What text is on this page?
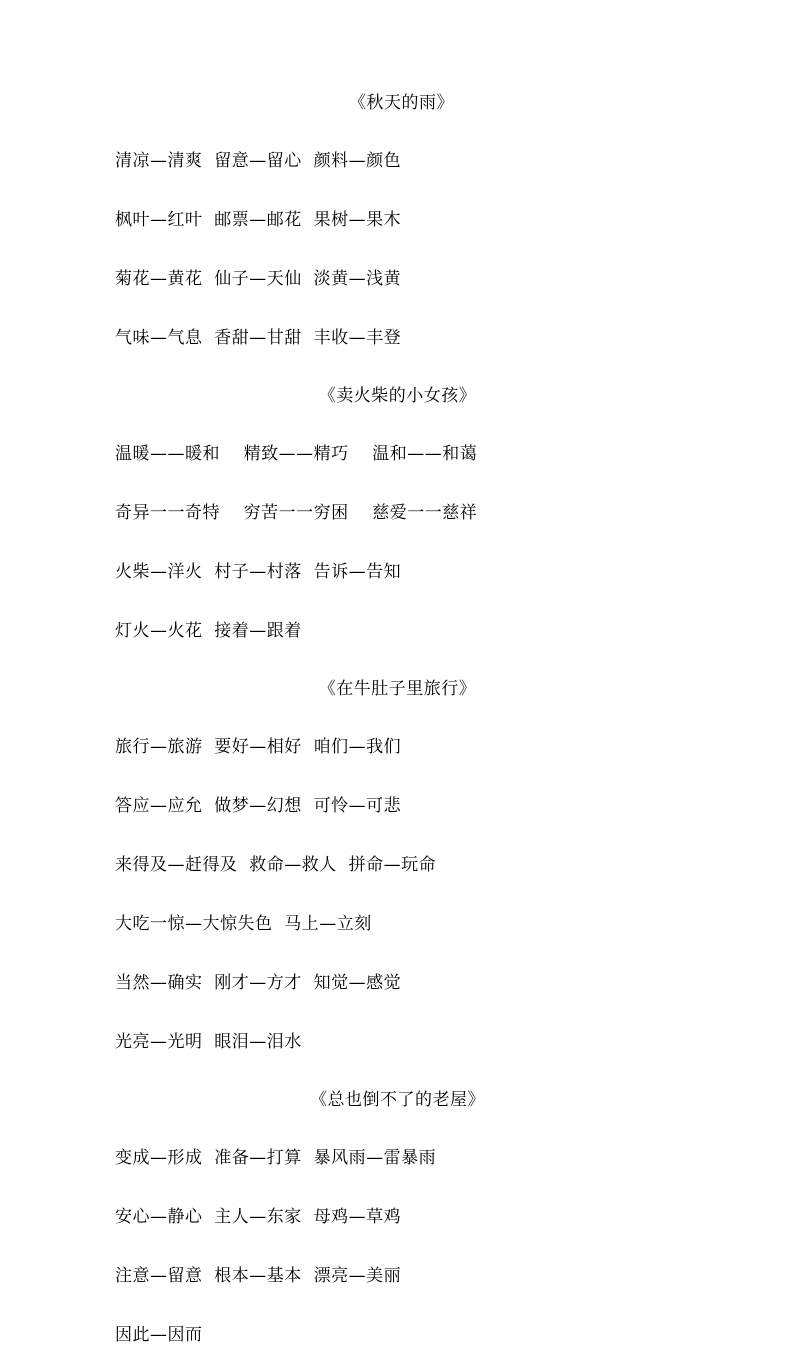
《秋天的雨》
清凉—清爽  留意—留心  颜料—颜色
枫叶—红叶  邮票—邮花  果树—果木
菊花—黄花  仙子—天仙  淡黄—浅黄
气味—气息  香甜—甘甜  丰收—丰登
《卖火柴的小女孩》
温暖——暖和    精致——精巧    温和——和蔼
奇异一一奇特    穷苦一一穷困    慈爱一一慈祥
火柴—洋火  村子—村落  告诉—告知
灯火—火花  接着—跟着
《在牛肚子里旅行》
旅行—旅游  要好—相好  咱们—我们
答应—应允  做梦—幻想  可怜—可悲
来得及—赶得及  救命—救人  拼命—玩命
大吃一惊—大惊失色  马上—立刻
当然—确实  刚才—方才  知觉—感觉
光亮—光明  眼泪—泪水
《总也倒不了的老屋》
变成—形成  准备—打算  暴风雨—雷暴雨
安心—静心  主人—东家  母鸡—草鸡
注意—留意  根本—基本  漂亮—美丽
因此—因而
